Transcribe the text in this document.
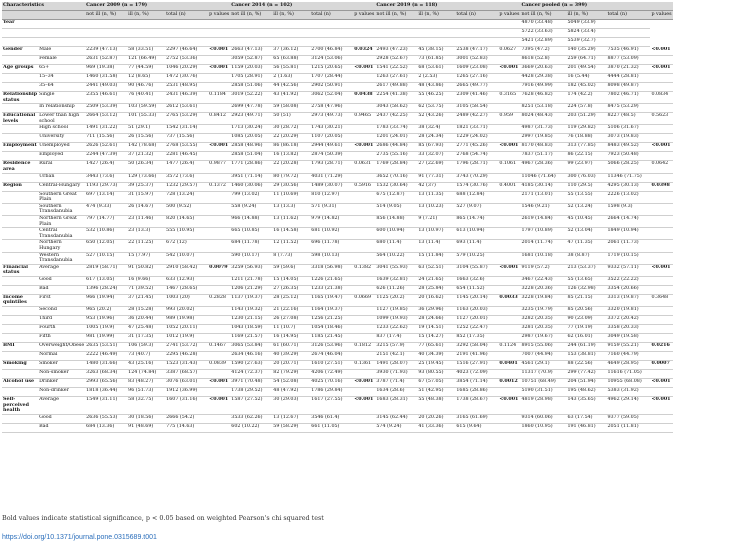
Characteristics		Cancer 2009 (n = 179)				Cancer 2014 (n = 102)				Cancer 2019 (n = 118)				Cancer pooled (n = 399)			
		not ill (n, %)	ill (n, %)	total (n)	p values	not ill (n, %)	ill (n, %)	total (n)	p values	not ill (n, %)	ill (n, %)	total (n)	p values	not ill (n, %)	ill (n, %)	total (n)	p values
Year														4870 (33.48)	5049 (33.9)		
														5722 (33.63)	5824 (33.4)		
														5421 (32.89)	5539 (32.7)		
Gender	Male	2239 (47.13)	58 (33.51)	2297 (46.64)	<0.001	2663 (47.13)	37 (36.12)	2700 (46.84)	0.0324	2493 (47.23)	45 (38.15)	2538 (47.17)	0.0627	7395 (47.2)	140 (35.29)	7535 (46.91)	<0.001
	Female	2631 (52.87)	121 (66.49)	2752 (53.36)		3059 (52.87)	65 (63.88)	3124 (53.06)		2928 (52.67)	73 (61.85)	3001 (52.83)		8618 (52.8)	259 (64.71)	8877 (53.09)	
Age groups	65+	969 (19.38)	77 (44.59)	1046 (20.29)	<0.001	1159 (20.03)	56 (55.81)	1215 (20.65)	<0.001	1541 (22.52)	68 (53.61)	1609 (23.08)	<0.001	3669 (20.63)	201 (49.54)	3870 (21.32)	<0.001
	15–34	1460 (31.58)	12 (8.65)	1472 (30.76)		1705 (28.91)	2 (1.63)	1707 (28.44)		1263 (27.61)	2 (2.53)	1265 (27.16)		4428 (29.38)	16 (5.44)	4444 (28.81)	
	35–64	2441 (49.03)	90 (46.76)	2531 (48.95)		2858 (51.06)	44 (42.56)	2902 (50.91)		2617 (49.88)	48 (43.86)	2665 (49.77)		7916 (49.99)	182 (45.02)	8098 (49.87)	
Relationship status	Single	2355 (46.61)	76 (40.41)	2431 (46.39)	0.1184	3019 (52.22)	43 (41.92)	3062 (52.04)	0.0438	2254 (41.38)	55 (46.25)	2309 (41.46)	0.3165	7628 (46.82)	174 (42.2)	7802 (46.71)	0.0834
	In relationship	2509 (53.39)	103 (59.59)	2612 (53.61)		2699 (47.78)	59 (58.08)	2758 (47.96)		3043 (58.62)	62 (53.75)	3105 (58.54)		8251 (53.18)	224 (57.8)	8475 (53.29)	
Educational levels	Lower than high school	2664 (53.12)	101 (55.33)	2765 (53.29)	0.8412	2923 (49.71)	50 (51)	2973 (49.73)	0.9465	2437 (42.25)	52 (43.26)	2489 (42.27)	0.959	8024 (48.43)	203 (51.29)	8227 (48.5)	0.5623
	High school	1491 (31.22)	51 (29.1)	1542 (31.14)		1713 (30.24)	30 (28.72)	1743 (30.21)		1783 (33.74)	38 (32.4)	1821 (33.71)		4987 (31.73)	119 (29.82)	5106 (31.67)	
	University	711 (15.56)	26 (15.56)	737 (15.56)		1085 (20.05)	22 (20.29)	1107 (20.05)		1201 (24.01)	28 (24.34)	1229 (24.02)		2997 (19.85)	76 (18.88)	3073 (19.83)	
Employment	Unemployed	2626 (52.61)	142 (78.68)	2768 (53.55)	<0.001	2858 (48.96)	86 (86.18)	2944 (49.61)	<0.001	2686 (44.84)	85 (67.93)	2771 (45.26)	<0.001	8170 (48.83)	313 (77.85)	8483 (49.52)	<0.001
	Employed	2244 (47.39)	37 (21.32)	2281 (46.45)		2858 (51.04)	16 (13.82)	2874 (50.39)		2735 (55.16)	33 (32.07)	2768 (54.74)		7837 (51.17)	86 (22.15)	7923 (50.48)	
Residence area	Rural	1427 (26.4)	50 (26.34)	1477 (26.4)	0.9877	1771 (28.86)	22 (20.28)	1793 (28.71)	0.0631	1769 (28.84)	27 (22.69)	1796 (28.71)	0.1061	4967 (28.36)	99 (23.97)	5066 (28.25)	0.0642
	Urban	3443 (73.6)	129 (73.66)	3572 (73.6)		3951 (71.14)	80 (79.72)	4031 (71.29)		3652 (70.16)	91 (77.31)	3743 (70.29)		11046 (71.64)	300 (76.03)	11346 (71.75)	
Region	Central-Hungary	1193 (29.73)	39 (25.37)	1232 (29.57)	0.1372	1460 (30.06)	29 (30.56)	1489 (30.07)	0.5916	1532 (30.64)	42 (37)	1574 (30.76)	0.4001	4185 (30.14)	110 (29.5)	4295 (30.13)	0.0398
	Southern Great Plain	697 (13.14)	31 (15.97)	728 (13.24)		799 (13.02)	11 (10.69)	810 (12.97)		675 (12.87)	13 (11.35)	688 (12.84)		2171 (13.01)	55 (13.55)	2226 (13.02)	
	Southern Transdanubia	474 (9.33)	26 (14.67)	500 (9.52)		558 (9.24)	13 (13.3)	571 (9.31)		514 (9.05)	13 (10.23)	527 (9.07)		1546 (9.21)	52 (13.24)	1598 (9.3)	
	Northern Great Plain	797 (14.77)	23 (11.46)	820 (14.65)		966 (14.88)	13 (11.62)	979 (14.82)		856 (14.88)	9 (7.21)	865 (14.74)		2619 (14.84)	45 (10.45)	2664 (14.74)	
	Central Transdanubia	532 (10.86)	23 (13.3)	555 (10.95)		665 (10.85)	16 (14.58)	681 (10.92)		600 (10.94)	13 (10.97)	613 (10.94)		1797 (10.89)	52 (13.04)	1849 (10.94)	
	Northern Hungary	650 (12.05)	22 (11.25)	672 (12)		684 (11.78)	12 (11.52)	696 (11.78)		680 (11.4)	13 (11.4)	693 (11.4)		2014 (11.74)	47 (11.35)	2061 (11.73)	
	Western Transdanubia	527 (10.15)	15 (7.97)	542 (10.07)		590 (10.17)	8 (7.73)	598 (10.13)		564 (10.22)	15 (11.84)	579 (10.25)		1681 (10.18)	38 (8.87)	1719 (10.15)	
Financial status	Average	2819 (58.71)	91 (50.82)	2910 (58.42)	0.0079	3259 (56.93)	59 (59.6)	3318 (56.98)	0.1382	3041 (55.93)	63 (52.51)	3104 (55.87)	<0.001	9119 (57.2)	213 (53.37)	9332 (57.11)	<0.001
	Good	617 (13.05)	16 (9.66)	633 (12.93)		1211 (21.78)	15 (14.05)	1226 (21.65)		1639 (32.81)	24 (21.65)	1663 (32.6)		3467 (22.43)	55 (13.65)	3522 (22.22)	
	Bad	1396 (28.24)	71 (39.52)	1467 (28.65)		1206 (21.29)	27 (26.35)	1233 (21.38)		626 (11.26)	28 (25.84)	654 (11.52)		3228 (20.36)	126 (32.98)	3354 (20.66)	
Income quintiles	First	966 (19.94)	37 (21.45)	1003 (20)	0.2828	1137 (19.37)	28 (25.12)	1165 (19.47)	0.0669	1125 (20.2)	20 (16.62)	1145 (20.14)	0.0033	3228 (19.84)	85 (21.15)	3313 (19.87)	0.3648
	Second	965 (20.2)	28 (15.28)	993 (20.02)		1143 (19.32)	21 (22.16)	1164 (19.37)		1127 (19.85)	36 (29.96)	1163 (20.03)		3235 (19.79)	85 (20.56)	3320 (19.81)	
	Third	953 (19.96)	36 (20.44)	989 (19.98)		1230 (21.15)	26 (27.08)	1256 (21.25)		1099 (19.93)	28 (24.66)	1127 (20.01)		3282 (20.35)	90 (23.09)	3372 (20.42)	
	Fourth	1005 (19.9)	47 (25.48)	1052 (20.11)		1043 (18.59)	11 (10.7)	1054 (18.46)		1233 (22.62)	19 (14.51)	1252 (22.47)		3281 (20.35)	77 (19.19)	3358 (20.33)	
	Fifth	981 (19.99)	31 (17.35)	1012 (19.9)		1169 (21.57)	16 (14.95)	1185 (21.45)		837 (17.4)	15 (14.27)	852 (17.35)		2987 (19.67)	62 (16.01)	3049 (19.58)	
BMI	Overweight/Obese	2635 (53.51)	106 (59.3)	2741 (53.72)	0.1467	3065 (53.84)	61 (60.71)	3126 (53.96)	0.1812	3215 (57.9)	77 (65.61)	3292 (58.04)	0.1124	8915 (55.06)	244 (61.19)	9159 (55.21)	0.0216
	Normal	2222 (46.49)	73 (40.7)	2295 (46.28)		2634 (46.16)	40 (39.29)	2674 (46.04)		2151 (42.1)	40 (34.39)	2191 (41.96)		7007 (44.94)	153 (38.81)	7160 (44.79)	
Smoking	Smoker	1480 (31.66)	43 (25.16)	1523 (31.43)	0.0839	1590 (27.63)	20 (20.71)	1610 (27.51)	0.1361	1491 (28.07)	25 (19.45)	1516 (27.91)	0.0401	4561 (29.1)	88 (22.56)	4649 (28.95)	0.0007
	Non-smoker	3263 (68.34)	124 (74.84)	3387 (68.57)		4124 (72.37)	82 (79.29)	4206 (72.49)		3930 (71.93)	93 (80.55)	4023 (72.09)		11317 (70.9)	299 (77.42)	11616 (71.05)	
Alcohol use	Drinker	2993 (65.56)	83 (48.27)	3076 (63.01)	<0.001	3971 (70.48)	54 (52.08)	4025 (70.16)	<0.001	3787 (71.4)	67 (57.05)	3854 (71.14)	0.0012	10751 (68.49)	204 (51.94)	10955 (68.08)	<0.001
	Non-drinker	1818 (36.44)	96 (51.73)	1912 (36.99)		1738 (29.52)	48 (47.92)	1786 (29.84)		1634 (28.6)	51 (42.95)	1685 (28.86)		5190 (31.51)	195 (48.62)	5383 (31.92)	
Self-perceived health	Average	1549 (31.11)	58 (32.75)	1607 (31.16)	<0.001	1587 (27.52)	30 (29.03)	1617 (27.55)	<0.001	1683 (28.31)	55 (48.38)	1738 (28.67)	<0.001	4819 (28.98)	143 (35.65)	4962 (29.14)	<0.001
	Good	2636 (55.53)	30 (18.56)	2666 (54.2)		3533 (62.26)	13 (12.67)	3546 (61.4)		3145 (62.44)	20 (20.26)	3165 (61.69)		9314 (60.06)	63 (17.54)	9377 (59.05)	
	Bad	684 (13.36)	91 (48.69)	775 (14.63)		602 (10.22)	59 (58.29)	661 (11.05)		574 (9.24)	41 (33.36)	615 (9.64)		1860 (10.95)	191 (46.81)	2051 (11.81)	
Bold values indicate statistical significance, p < 0.05 based on weighted Pearson's chi squared test
https://doi.org/10.1371/journal.pone.0315689.t001
